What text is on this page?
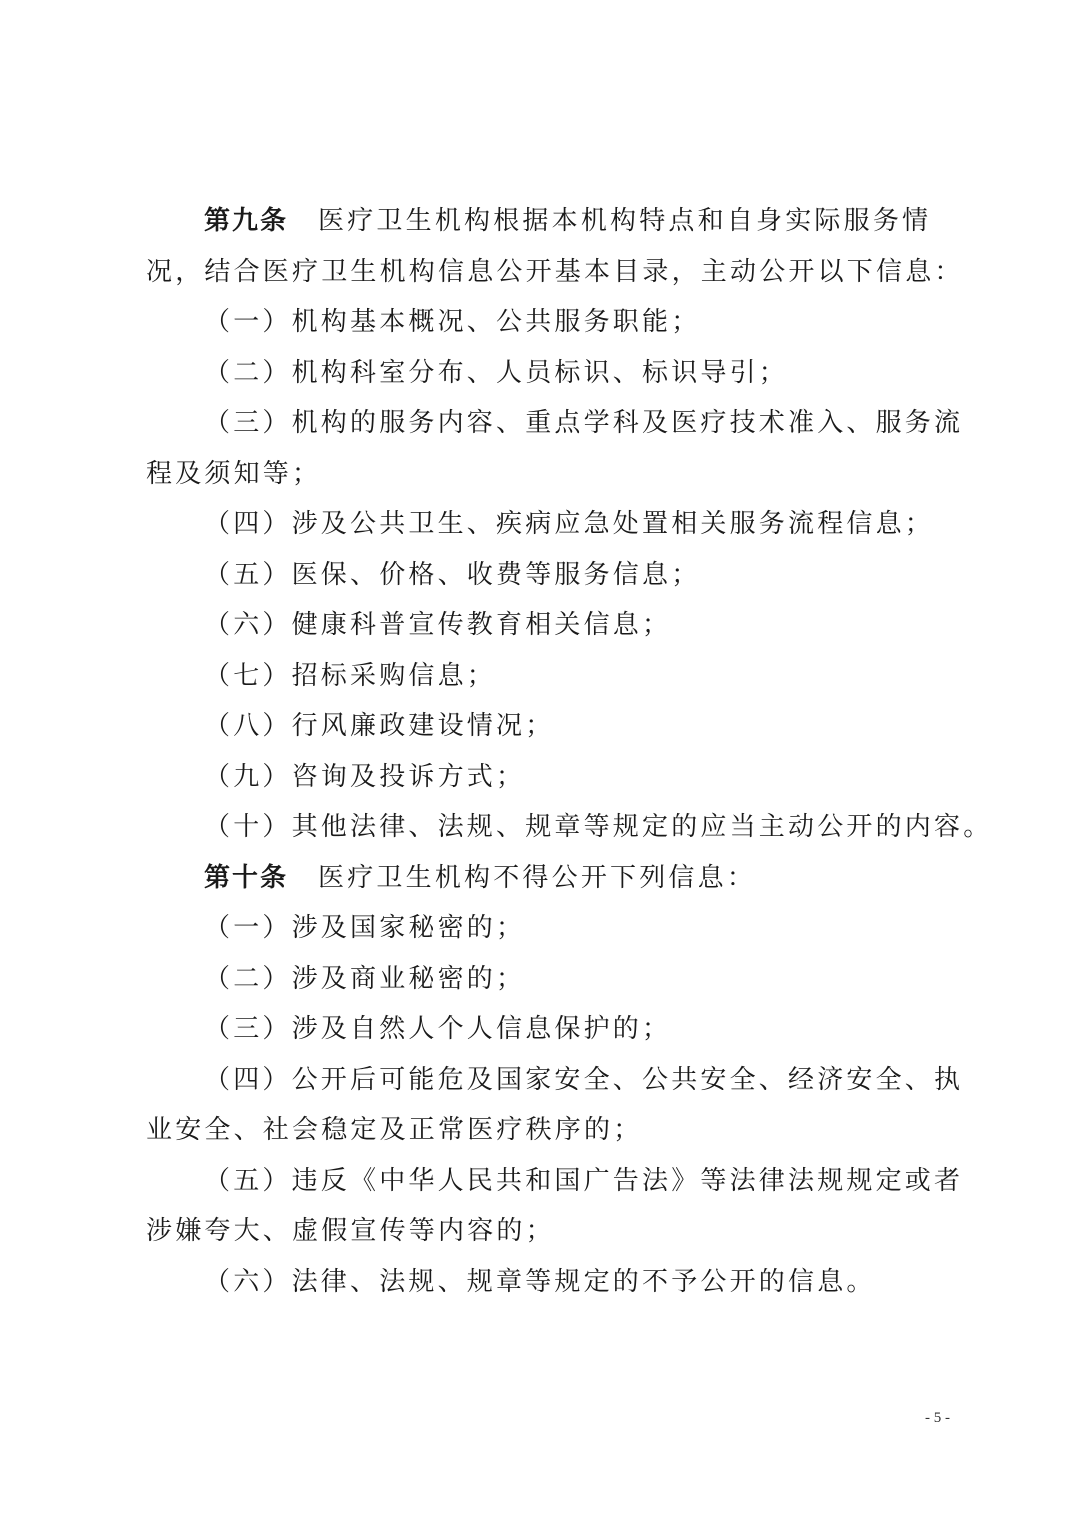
第九条 医疗卫生机构根据本机构特点和自身实际服务情
况，结合医疗卫生机构信息公开基本目录，主动公开以下信息：
（一）机构基本概况、公共服务职能；
（二）机构科室分布、人员标识、标识导引；
（三）机构的服务内容、重点学科及医疗技术准入、服务流
程及须知等；
（四）涉及公共卫生、疾病应急处置相关服务流程信息；
（五）医保、价格、收费等服务信息；
（六）健康科普宣传教育相关信息；
（七）招标采购信息；
（八）行风廉政建设情况；
（九）咨询及投诉方式；
（十）其他法律、法规、规章等规定的应当主动公开的内容。
第十条 医疗卫生机构不得公开下列信息：
（一）涉及国家秘密的；
（二）涉及商业秘密的；
（三）涉及自然人个人信息保护的；
（四）公开后可能危及国家安全、公共安全、经济安全、执
业安全、社会稳定及正常医疗秩序的；
（五）违反《中华人民共和国广告法》等法律法规规定或者
涉嫌夸大、虚假宣传等内容的；
（六）法律、法规、规章等规定的不予公开的信息。
- 5 -
